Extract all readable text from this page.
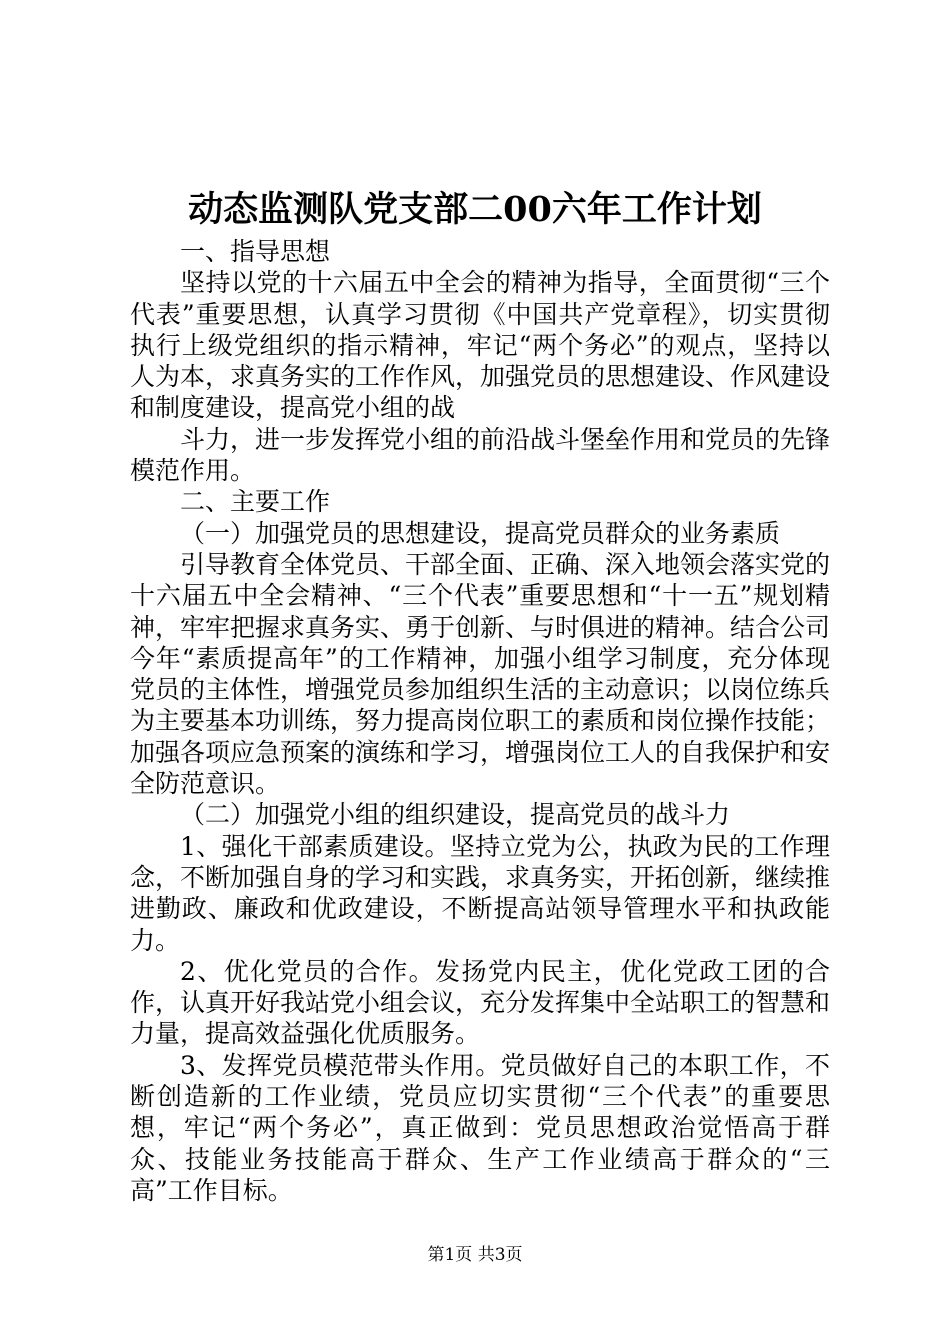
动态监测队党支部二00六年工作计划

一、指导思想

坚持以党的十六届五中全会的精神为指导，全面贯彻“三个代表”重要思想，认真学习贯彻《中国共产党章程》，切实贯彻执行上级党组织的指示精神，牢记“两个务必”的观点，坚持以人为本，求真务实的工作作风，加强党员的思想建设、作风建设和制度建设，提高党小组的战

斗力，进一步发挥党小组的前沿战斗堡垒作用和党员的先锋模范作用。

二、主要工作

（一）加强党员的思想建设，提高党员群众的业务素质

引导教育全体党员、干部全面、正确、深入地领会落实党的十六届五中全会精神、“三个代表”重要思想和“十一五”规划精神，牢牢把握求真务实、勇于创新、与时俱进的精神。结合公司今年“素质提高年”的工作精神，加强小组学习制度，充分体现党员的主体性，增强党员参加组织生活的主动意识；以岗位练兵为主要基本功训练，努力提高岗位职工的素质和岗位操作技能；加强各项应急预案的演练和学习，增强岗位工人的自我保护和安全防范意识。

（二）加强党小组的组织建设，提高党员的战斗力

1、强化干部素质建设。坚持立党为公，执政为民的工作理念，不断加强自身的学习和实践，求真务实，开拓创新，继续推进勤政、廉政和优政建设，不断提高站领导管理水平和执政能力。

2、优化党员的合作。发扬党内民主，优化党政工团的合作，认真开好我站党小组会议，充分发挥集中全站职工的智慧和力量，提高效益强化优质服务。

3、发挥党员模范带头作用。党员做好自己的本职工作，不断创造新的工作业绩，党员应切实贯彻“三个代表”的重要思想，牢记“两个务必”，真正做到：党员思想政治觉悟高于群众、技能业务技能高于群众、生产工作业绩高于群众的“三高”工作目标。

第1页 共3页
